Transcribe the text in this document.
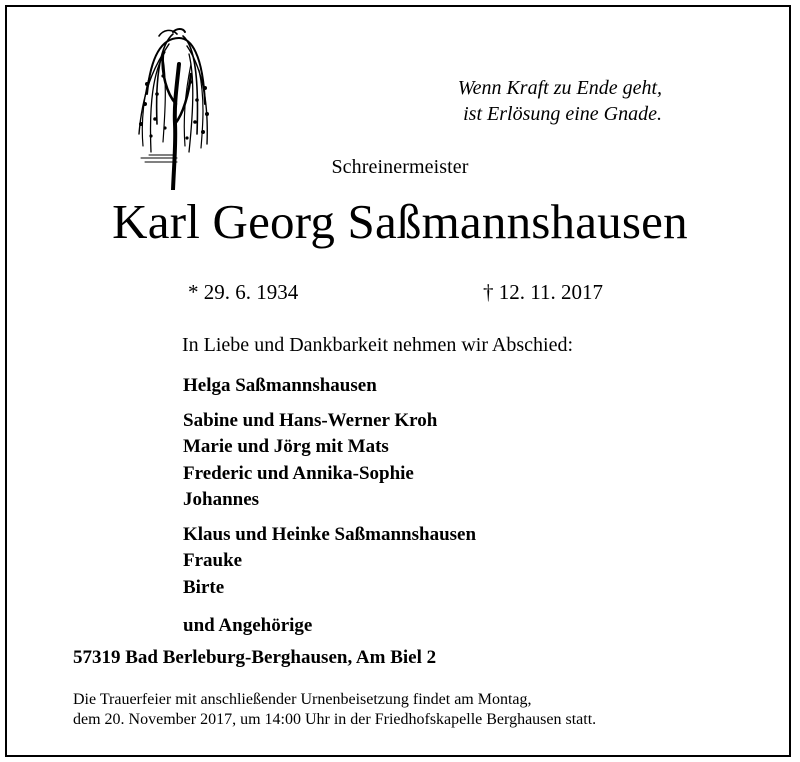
Wenn Kraft zu Ende geht,
ist Erlösung eine Gnade.
Schreinermeister
Karl Georg Saßmannshausen
* 29. 6. 1934	† 12. 11. 2017
In Liebe und Dankbarkeit nehmen wir Abschied:
Helga Saßmannshausen
Sabine und Hans-Werner Kroh
Marie und Jörg mit Mats
Frederic und Annika-Sophie
Johannes
Klaus und Heinke Saßmannshausen
Frauke
Birte
und Angehörige
57319 Bad Berleburg-Berghausen, Am Biel 2
Die Trauerfeier mit anschließender Urnenbeisetzung findet am Montag,
dem 20. November 2017, um 14:00 Uhr in der Friedhofskapelle Berghausen statt.
